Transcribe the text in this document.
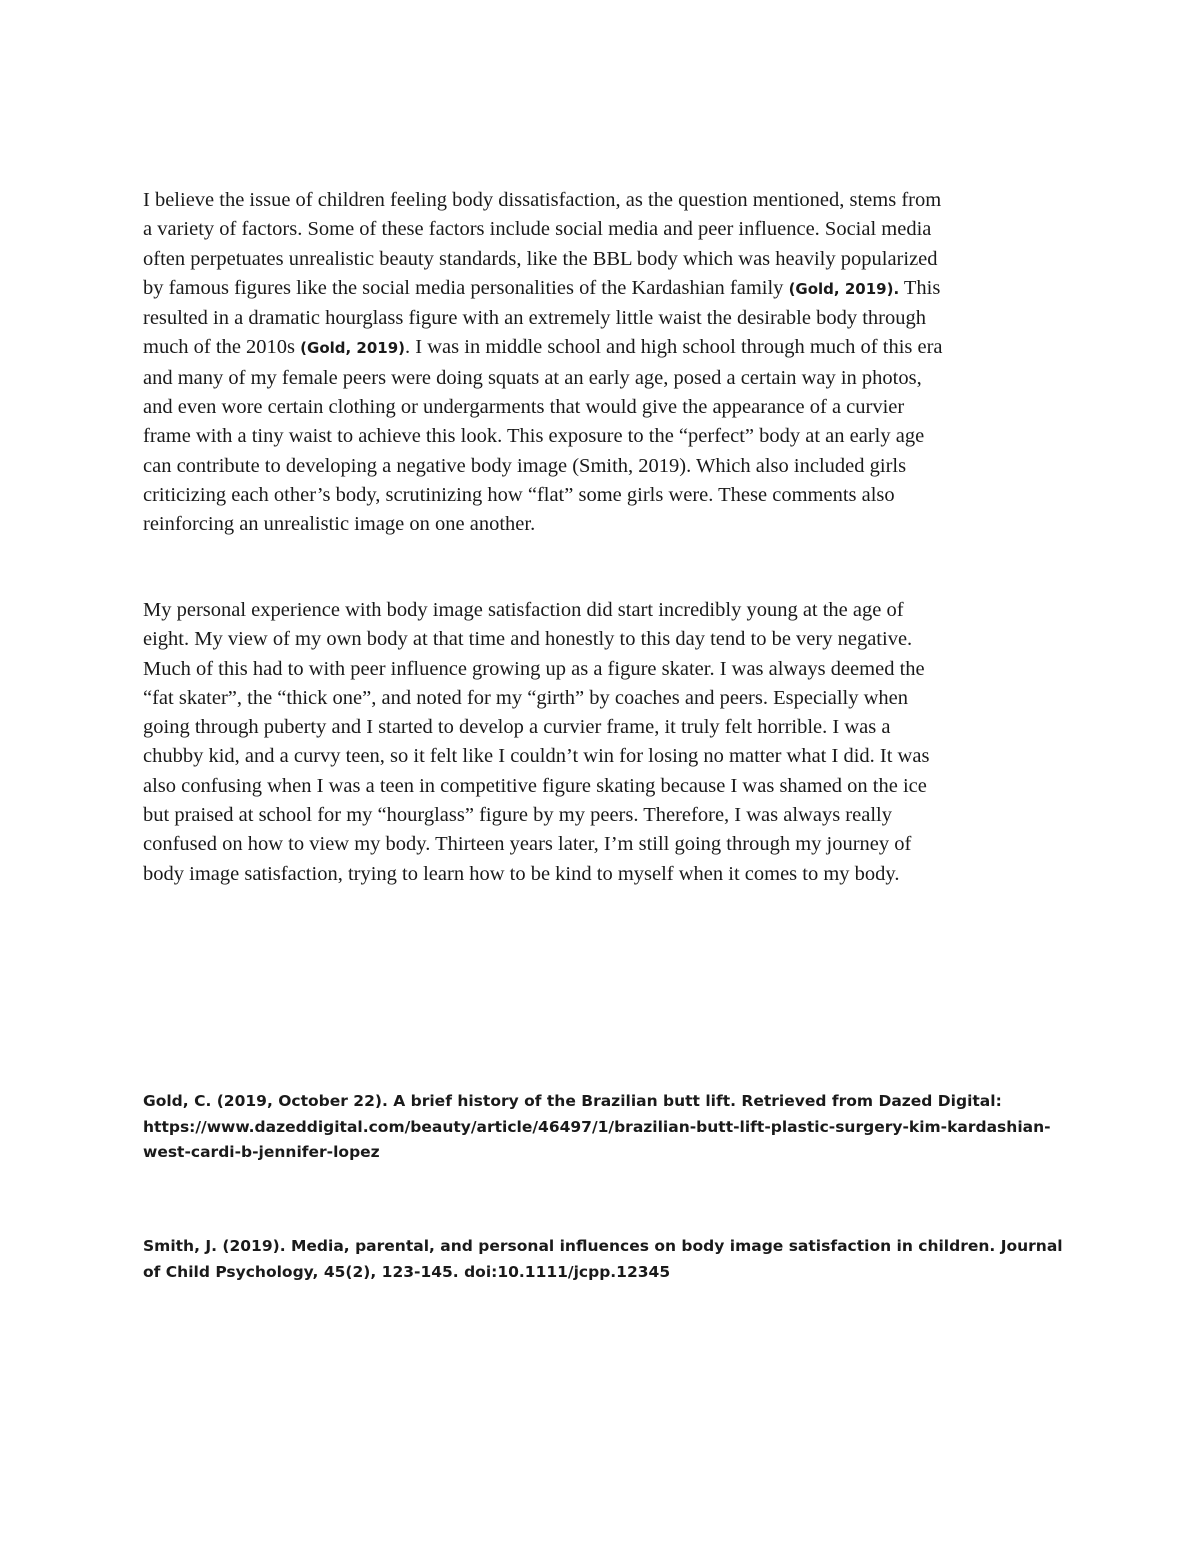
I believe the issue of children feeling body dissatisfaction, as the question mentioned, stems from
a variety of factors. Some of these factors include social media and peer influence. Social media
often perpetuates unrealistic beauty standards, like the BBL body which was heavily popularized
by famous figures like the social media personalities of the Kardashian family (Gold, 2019). This
resulted in a dramatic hourglass figure with an extremely little waist the desirable body through
much of the 2010s (Gold, 2019). I was in middle school and high school through much of this era
and many of my female peers were doing squats at an early age, posed a certain way in photos,
and even wore certain clothing or undergarments that would give the appearance of a curvier
frame with a tiny waist to achieve this look. This exposure to the “perfect” body at an early age
can contribute to developing a negative body image (Smith, 2019). Which also included girls
criticizing each other’s body, scrutinizing how “flat” some girls were. These comments also
reinforcing an unrealistic image on one another.
My personal experience with body image satisfaction did start incredibly young at the age of
eight. My view of my own body at that time and honestly to this day tend to be very negative.
Much of this had to with peer influence growing up as a figure skater. I was always deemed the
“fat skater”, the “thick one”, and noted for my “girth” by coaches and peers. Especially when
going through puberty and I started to develop a curvier frame, it truly felt horrible. I was a
chubby kid, and a curvy teen, so it felt like I couldn’t win for losing no matter what I did. It was
also confusing when I was a teen in competitive figure skating because I was shamed on the ice
but praised at school for my “hourglass” figure by my peers. Therefore, I was always really
confused on how to view my body. Thirteen years later, I’m still going through my journey of
body image satisfaction, trying to learn how to be kind to myself when it comes to my body.
Gold, C. (2019, October 22). A brief history of the Brazilian butt lift. Retrieved from Dazed Digital:
https://www.dazeddigital.com/beauty/article/46497/1/brazilian-butt-lift-plastic-surgery-kim-kardashian-
west-cardi-b-jennifer-lopez
Smith, J. (2019). Media, parental, and personal influences on body image satisfaction in children. Journal
of Child Psychology, 45(2), 123-145. doi:10.1111/jcpp.12345
